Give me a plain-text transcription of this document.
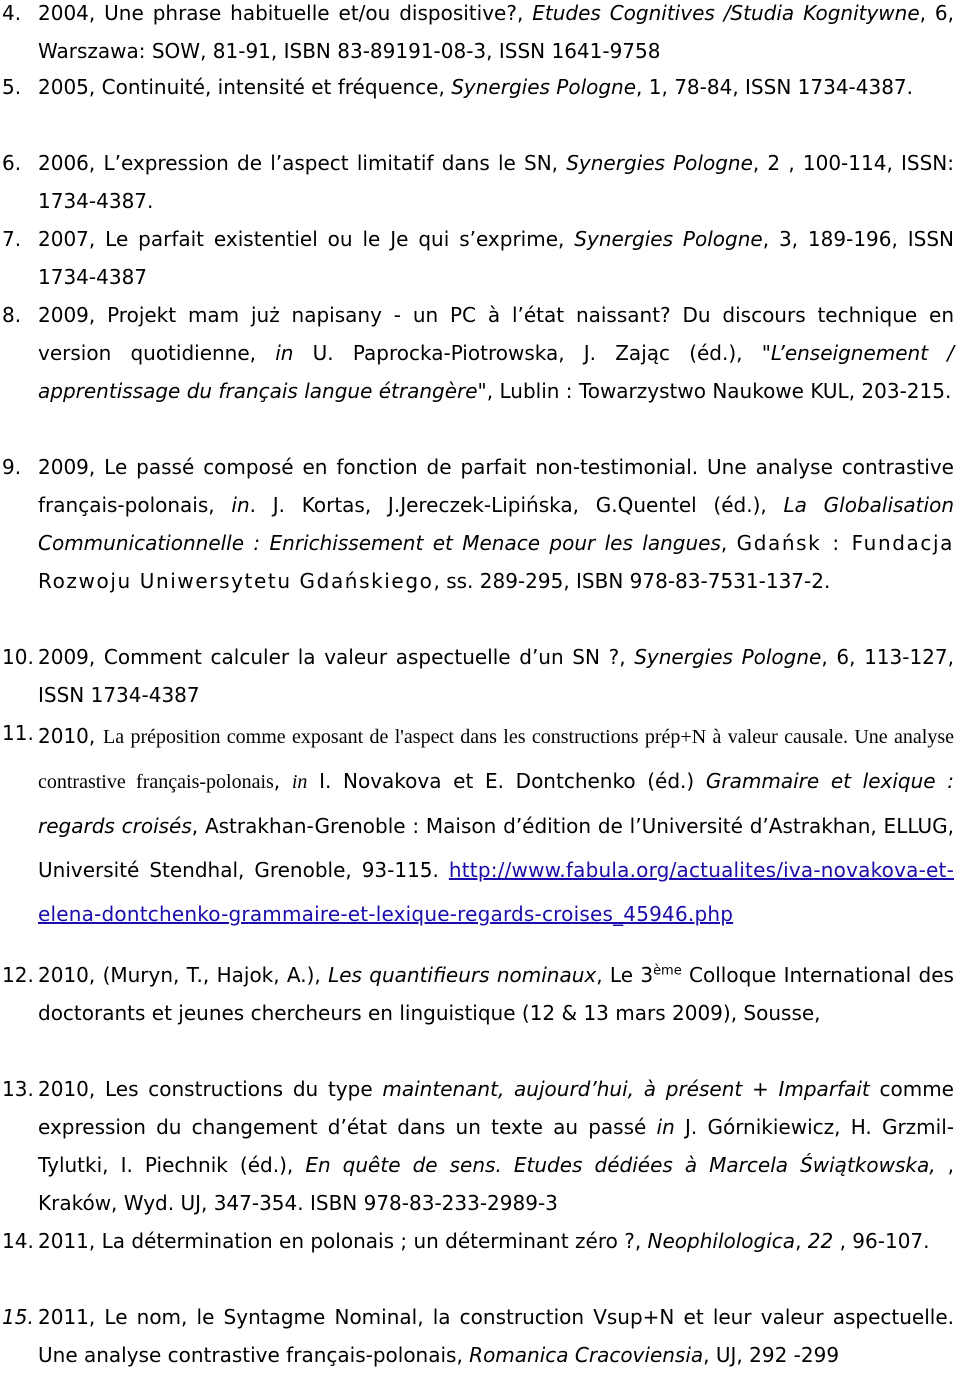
4. 2004, Une phrase habituelle et/ou dispositive?, Etudes Cognitives /Studia Kognitywne, 6, Warszawa: SOW, 81-91, ISBN 83-89191-08-3, ISSN 1641-9758
5. 2005, Continuité, intensité et fréquence, Synergies Pologne, 1, 78-84, ISSN 1734-4387.
6. 2006, L’expression de l’aspect limitatif dans le SN, Synergies Pologne, 2 , 100-114, ISSN: 1734-4387.
7. 2007, Le parfait existentiel ou le Je qui s’exprime, Synergies Pologne, 3, 189-196, ISSN 1734-4387
8. 2009, Projekt mam już napisany - un PC à l’état naissant? Du discours technique en version quotidienne, in U. Paprocka-Piotrowska, J. Zając (éd.), "L’enseignement / apprentissage du français langue étrangère", Lublin : Towarzystwo Naukowe KUL, 203-215.
9. 2009, Le passé composé en fonction de parfait non-testimonial. Une analyse contrastive français-polonais, in. J. Kortas, J.Jereczek-Lipińska, G.Quentel (éd.), La Globalisation Communicationnelle : Enrichissement et Menace pour les langues, Gdańsk : Fundacja Rozwoju Uniwersytetu Gdańskiego, ss. 289-295, ISBN 978-83-7531-137-2.
10. 2009, Comment calculer la valeur aspectuelle d’un SN ?, Synergies Pologne, 6, 113-127, ISSN 1734-4387
11. 2010, La préposition comme exposant de l'aspect dans les constructions prép+N à valeur causale. Une analyse contrastive français-polonais, in I. Novakova et E. Dontchenko (éd.) Grammaire et lexique : regards croisés, Astrakhan-Grenoble : Maison d’édition de l’Université d’Astrakhan, ELLUG, Université Stendhal, Grenoble, 93-115. http://www.fabula.org/actualites/iva-novakova-et-elena-dontchenko-grammaire-et-lexique-regards-croises_45946.php
12. 2010, (Muryn, T., Hajok, A.), Les quantifieurs nominaux, Le 3ème Colloque International des doctorants et jeunes chercheurs en linguistique (12 & 13 mars 2009), Sousse,
13. 2010, Les constructions du type maintenant, aujourd’hui, à présent + Imparfait comme expression du changement d’état dans un texte au passé in J. Górnikiewicz, H. Grzmil-Tylutki, I. Piechnik (éd.), En quête de sens. Etudes dédiées à Marcela Świątkowska, , Kraków, Wyd. UJ, 347-354. ISBN 978-83-233-2989-3
14. 2011, La détermination en polonais ; un déterminant zéro ?, Neophilologica, 22 , 96-107.
15. 2011, Le nom, le Syntagme Nominal, la construction Vsup+N et leur valeur aspectuelle. Une analyse contrastive français-polonais, Romanica Cracoviensia, UJ, 292 -299
